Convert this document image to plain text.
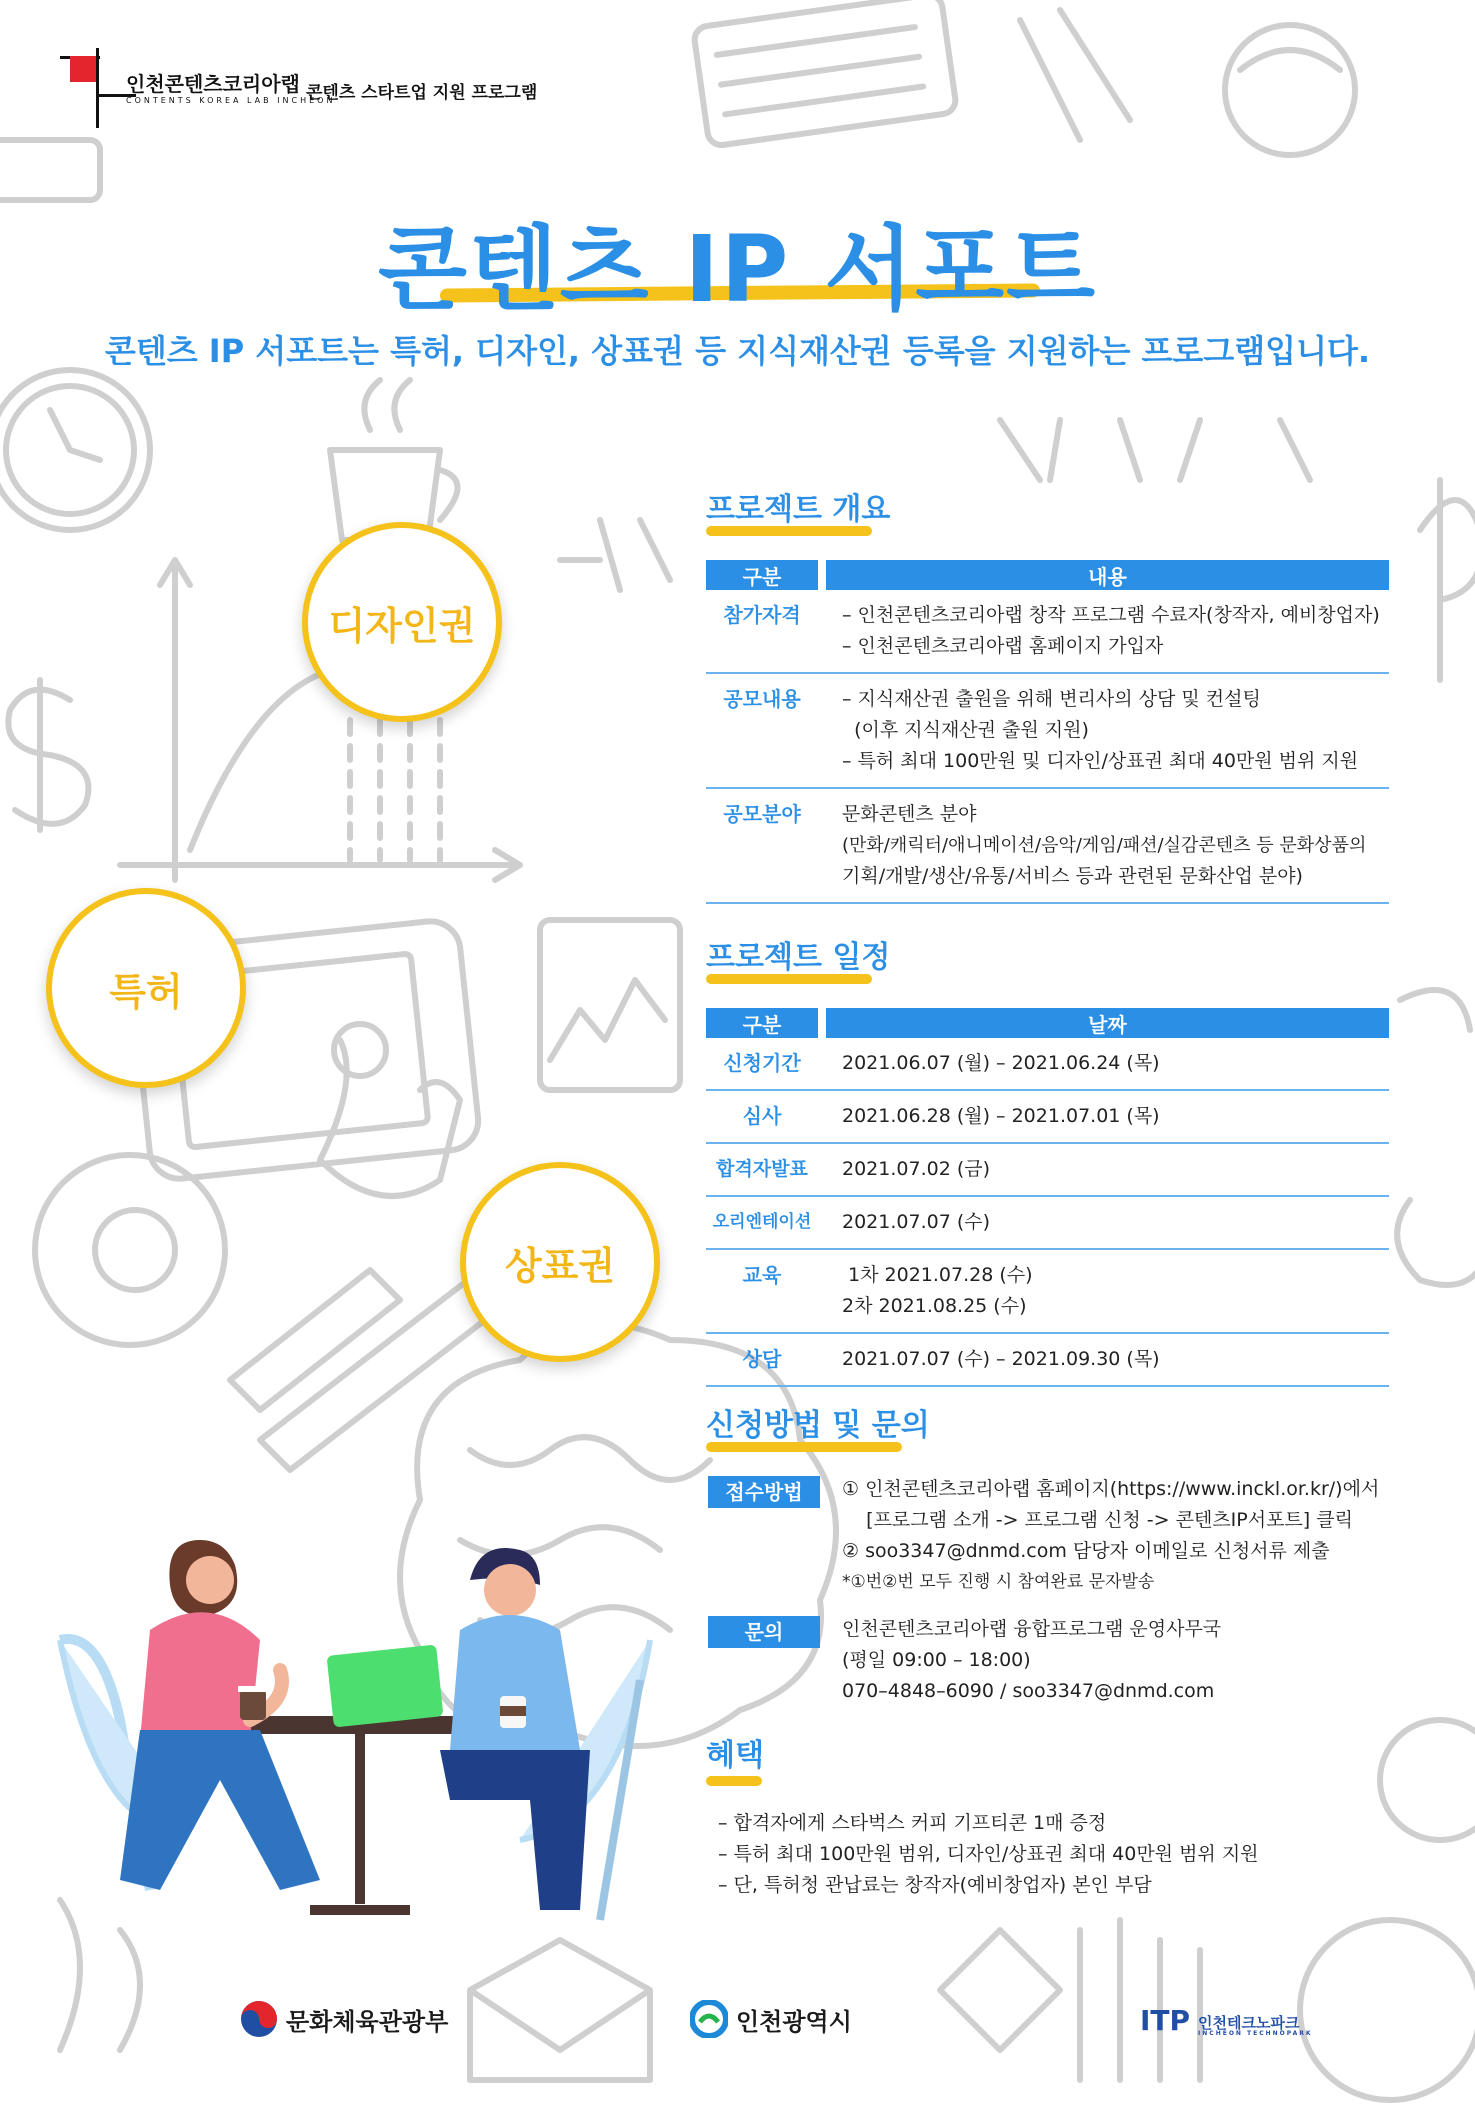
인천콘텐츠코리아랩
CONTENTS KOREA LAB INCHEON
콘텐츠 스타트업 지원 프로그램
콘텐츠 IP 서포트
콘텐츠 IP 서포트는 특허, 디자인, 상표권 등 지식재산권 등록을 지원하는 프로그램입니다.
디자인권
특허
상표권
프로젝트 개요
구분		내용
참가자격		– 인천콘텐츠코리아랩 창작 프로그램 수료자(창작자, 예비창업자)
– 인천콘텐츠코리아랩 홈페이지 가입자

공모내용		– 지식재산권 출원을 위해 변리사의 상담 및 컨설팅
(이후 지식재산권 출원 지원)
– 특허 최대 100만원 및 디자인/상표권 최대 40만원 범위 지원

공모분야		문화콘텐츠 분야
(만화/캐릭터/애니메이션/음악/게임/패션/실감콘텐츠 등 문화상품의
기획/개발/생산/유통/서비스 등과 관련된 문화산업 분야)
프로젝트 일정
구분		날짜
신청기간		2021.06.07 (월) – 2021.06.24 (목)
심사		2021.06.28 (월) – 2021.07.01 (목)
합격자발표		2021.07.02 (금)
오리엔테이션		2021.07.07 (수)
교육		1차 2021.07.28 (수)
2차 2021.08.25 (수)

상담		2021.07.07 (수) – 2021.09.30 (목)
신청방법 및 문의
접수방법	① 인천콘텐츠코리아랩 홈페이지(https://www.inckl.or.kr/)에서
[프로그램 소개 -> 프로그램 신청 -> 콘텐츠IP서포트] 클릭
② soo3347@dnmd.com 담당자 이메일로 신청서류 제출
*①번②번 모두 진행 시 참여완료 문자발송
문의	인천콘텐츠코리아랩 융합프로그램 운영사무국
(평일 09:00 – 18:00)
070–4848–6090 / soo3347@dnmd.com
혜택
– 합격자에게 스타벅스 커피 기프티콘 1매 증정
– 특허 최대 100만원 범위, 디자인/상표권 최대 40만원 범위 지원
– 단, 특허청 관납료는 창작자(예비창업자) 본인 부담
문화체육관광부	인천광역시	ITP 인천테크노파크
INCHEON TECHNOPARK
